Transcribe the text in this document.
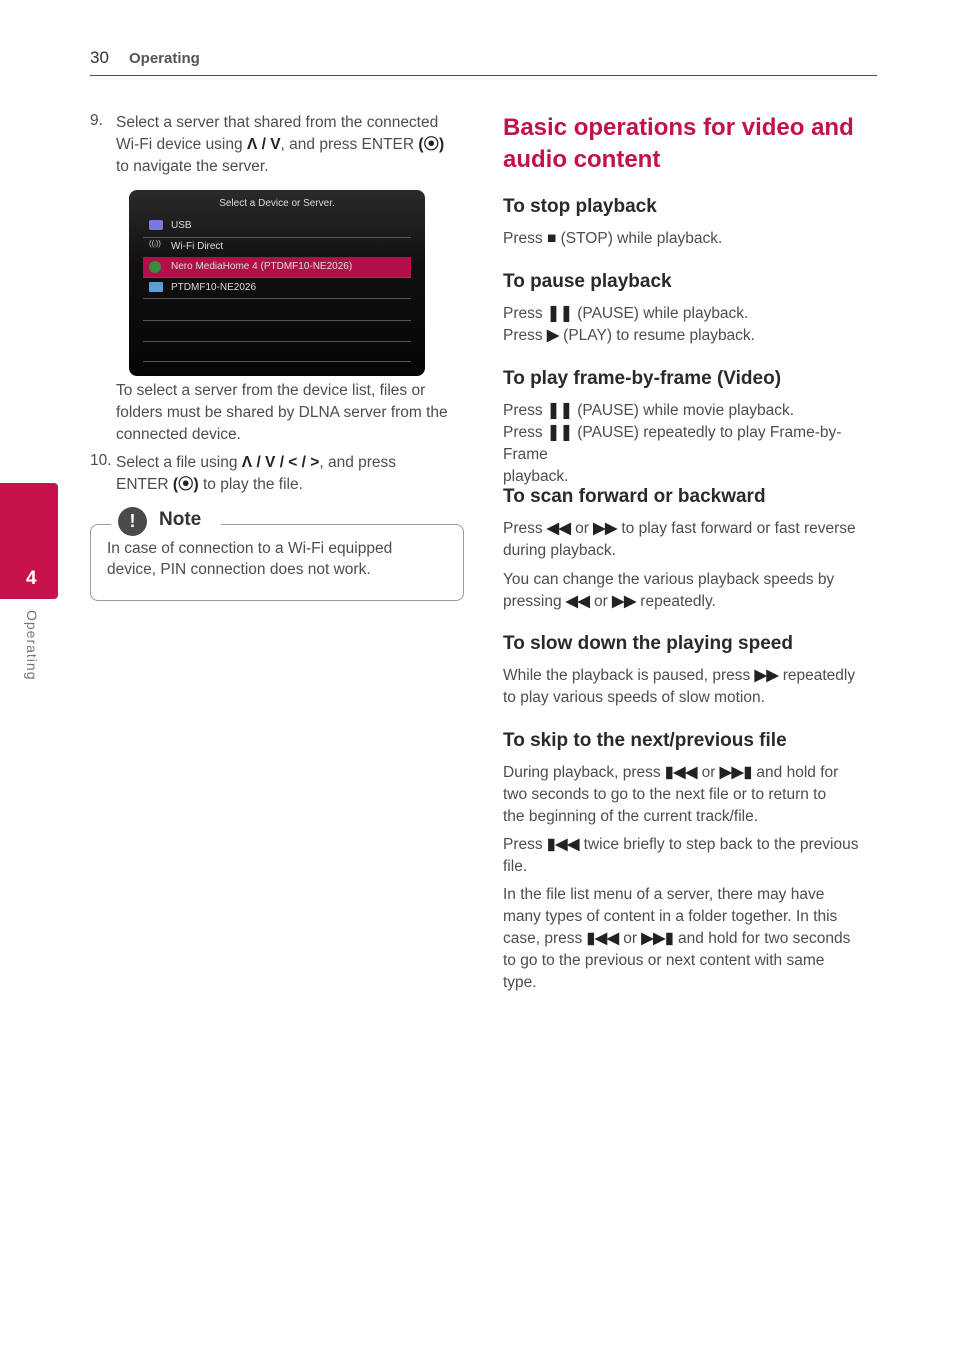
30 Operating
4
Operating
9. Select a server that shared from the connected
Wi-Fi device using Λ / V, and press ENTER (⦿)
to navigate the server.
Select a Device or Server.
USB
((ᵢ)) Wi-Fi Direct
Nero MediaHome 4 (PTDMF10-NE2026)
PTDMF10-NE2026
To select a server from the device list, files or
folders must be shared by DLNA server from the
connected device.
10. Select a file using Λ / V / < / >, and press
ENTER (⦿) to play the file.
!	Note
In case of connection to a Wi-Fi equipped
device, PIN connection does not work.
Basic operations for video and
audio content
To stop playback
Press ■ (STOP) while playback.
To pause playback
Press ❚❚ (PAUSE) while playback.
Press ▶ (PLAY) to resume playback.
To play frame-by-frame (Video)
Press ❚❚ (PAUSE) while movie playback.
Press ❚❚ (PAUSE) repeatedly to play Frame-by-Frame
playback.
To scan forward or backward
Press ◀◀ or ▶▶ to play fast forward or fast reverse
during playback.
You can change the various playback speeds by
pressing ◀◀ or ▶▶ repeatedly.
To slow down the playing speed
While the playback is paused, press ▶▶ repeatedly
to play various speeds of slow motion.
To skip to the next/previous file
During playback, press ▮◀◀ or ▶▶▮ and hold for
two seconds to go to the next file or to return to
the beginning of the current track/file.
Press ▮◀◀ twice briefly to step back to the previous
file.
In the file list menu of a server, there may have
many types of content in a folder together. In this
case, press ▮◀◀ or ▶▶▮ and hold for two seconds
to go to the previous or next content with same
type.
